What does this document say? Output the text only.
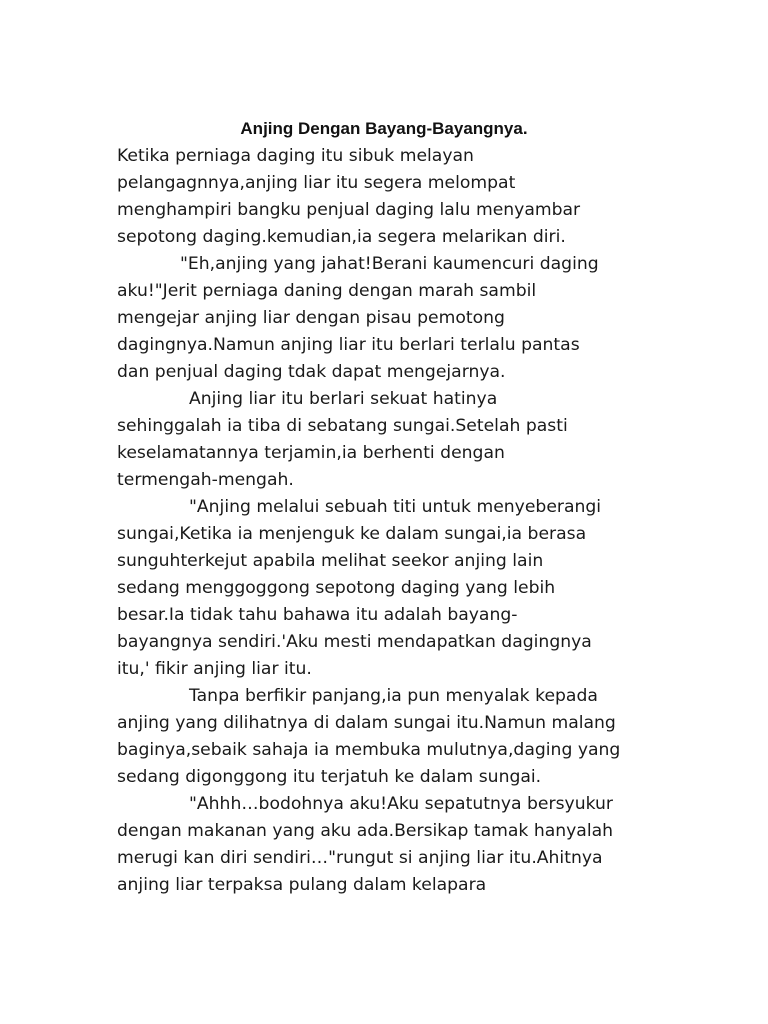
Anjing Dengan Bayang-Bayangnya.
Ketika perniaga daging itu sibuk melayan
pelangagnnya,anjing liar itu segera melompat
menghampiri bangku penjual daging lalu menyambar
sepotong daging.kemudian,ia segera melarikan diri.
"Eh,anjing yang jahat!Berani kaumencuri daging
aku!"Jerit perniaga daning dengan marah sambil
mengejar anjing liar dengan pisau pemotong
dagingnya.Namun anjing liar itu berlari terlalu pantas
dan penjual daging tdak dapat mengejarnya.
Anjing liar itu berlari sekuat hatinya
sehinggalah ia tiba di sebatang sungai.Setelah pasti
keselamatannya terjamin,ia berhenti dengan
termengah-mengah.
"Anjing melalui sebuah titi untuk menyeberangi
sungai,Ketika ia menjenguk ke dalam sungai,ia berasa
sunguhterkejut apabila melihat seekor anjing lain
sedang menggoggong sepotong daging yang lebih
besar.Ia tidak tahu bahawa itu adalah bayang-
bayangnya sendiri.'Aku mesti mendapatkan dagingnya
itu,' fikir anjing liar itu.
Tanpa berfikir panjang,ia pun menyalak kepada
anjing yang dilihatnya di dalam sungai itu.Namun malang
baginya,sebaik sahaja ia membuka mulutnya,daging yang
sedang digonggong itu terjatuh ke dalam sungai.
"Ahhh…bodohnya aku!Aku sepatutnya bersyukur
dengan makanan yang aku ada.Bersikap tamak hanyalah
merugi kan diri sendiri…"rungut si anjing liar itu.Ahitnya
anjing liar terpaksa pulang dalam kelapara
